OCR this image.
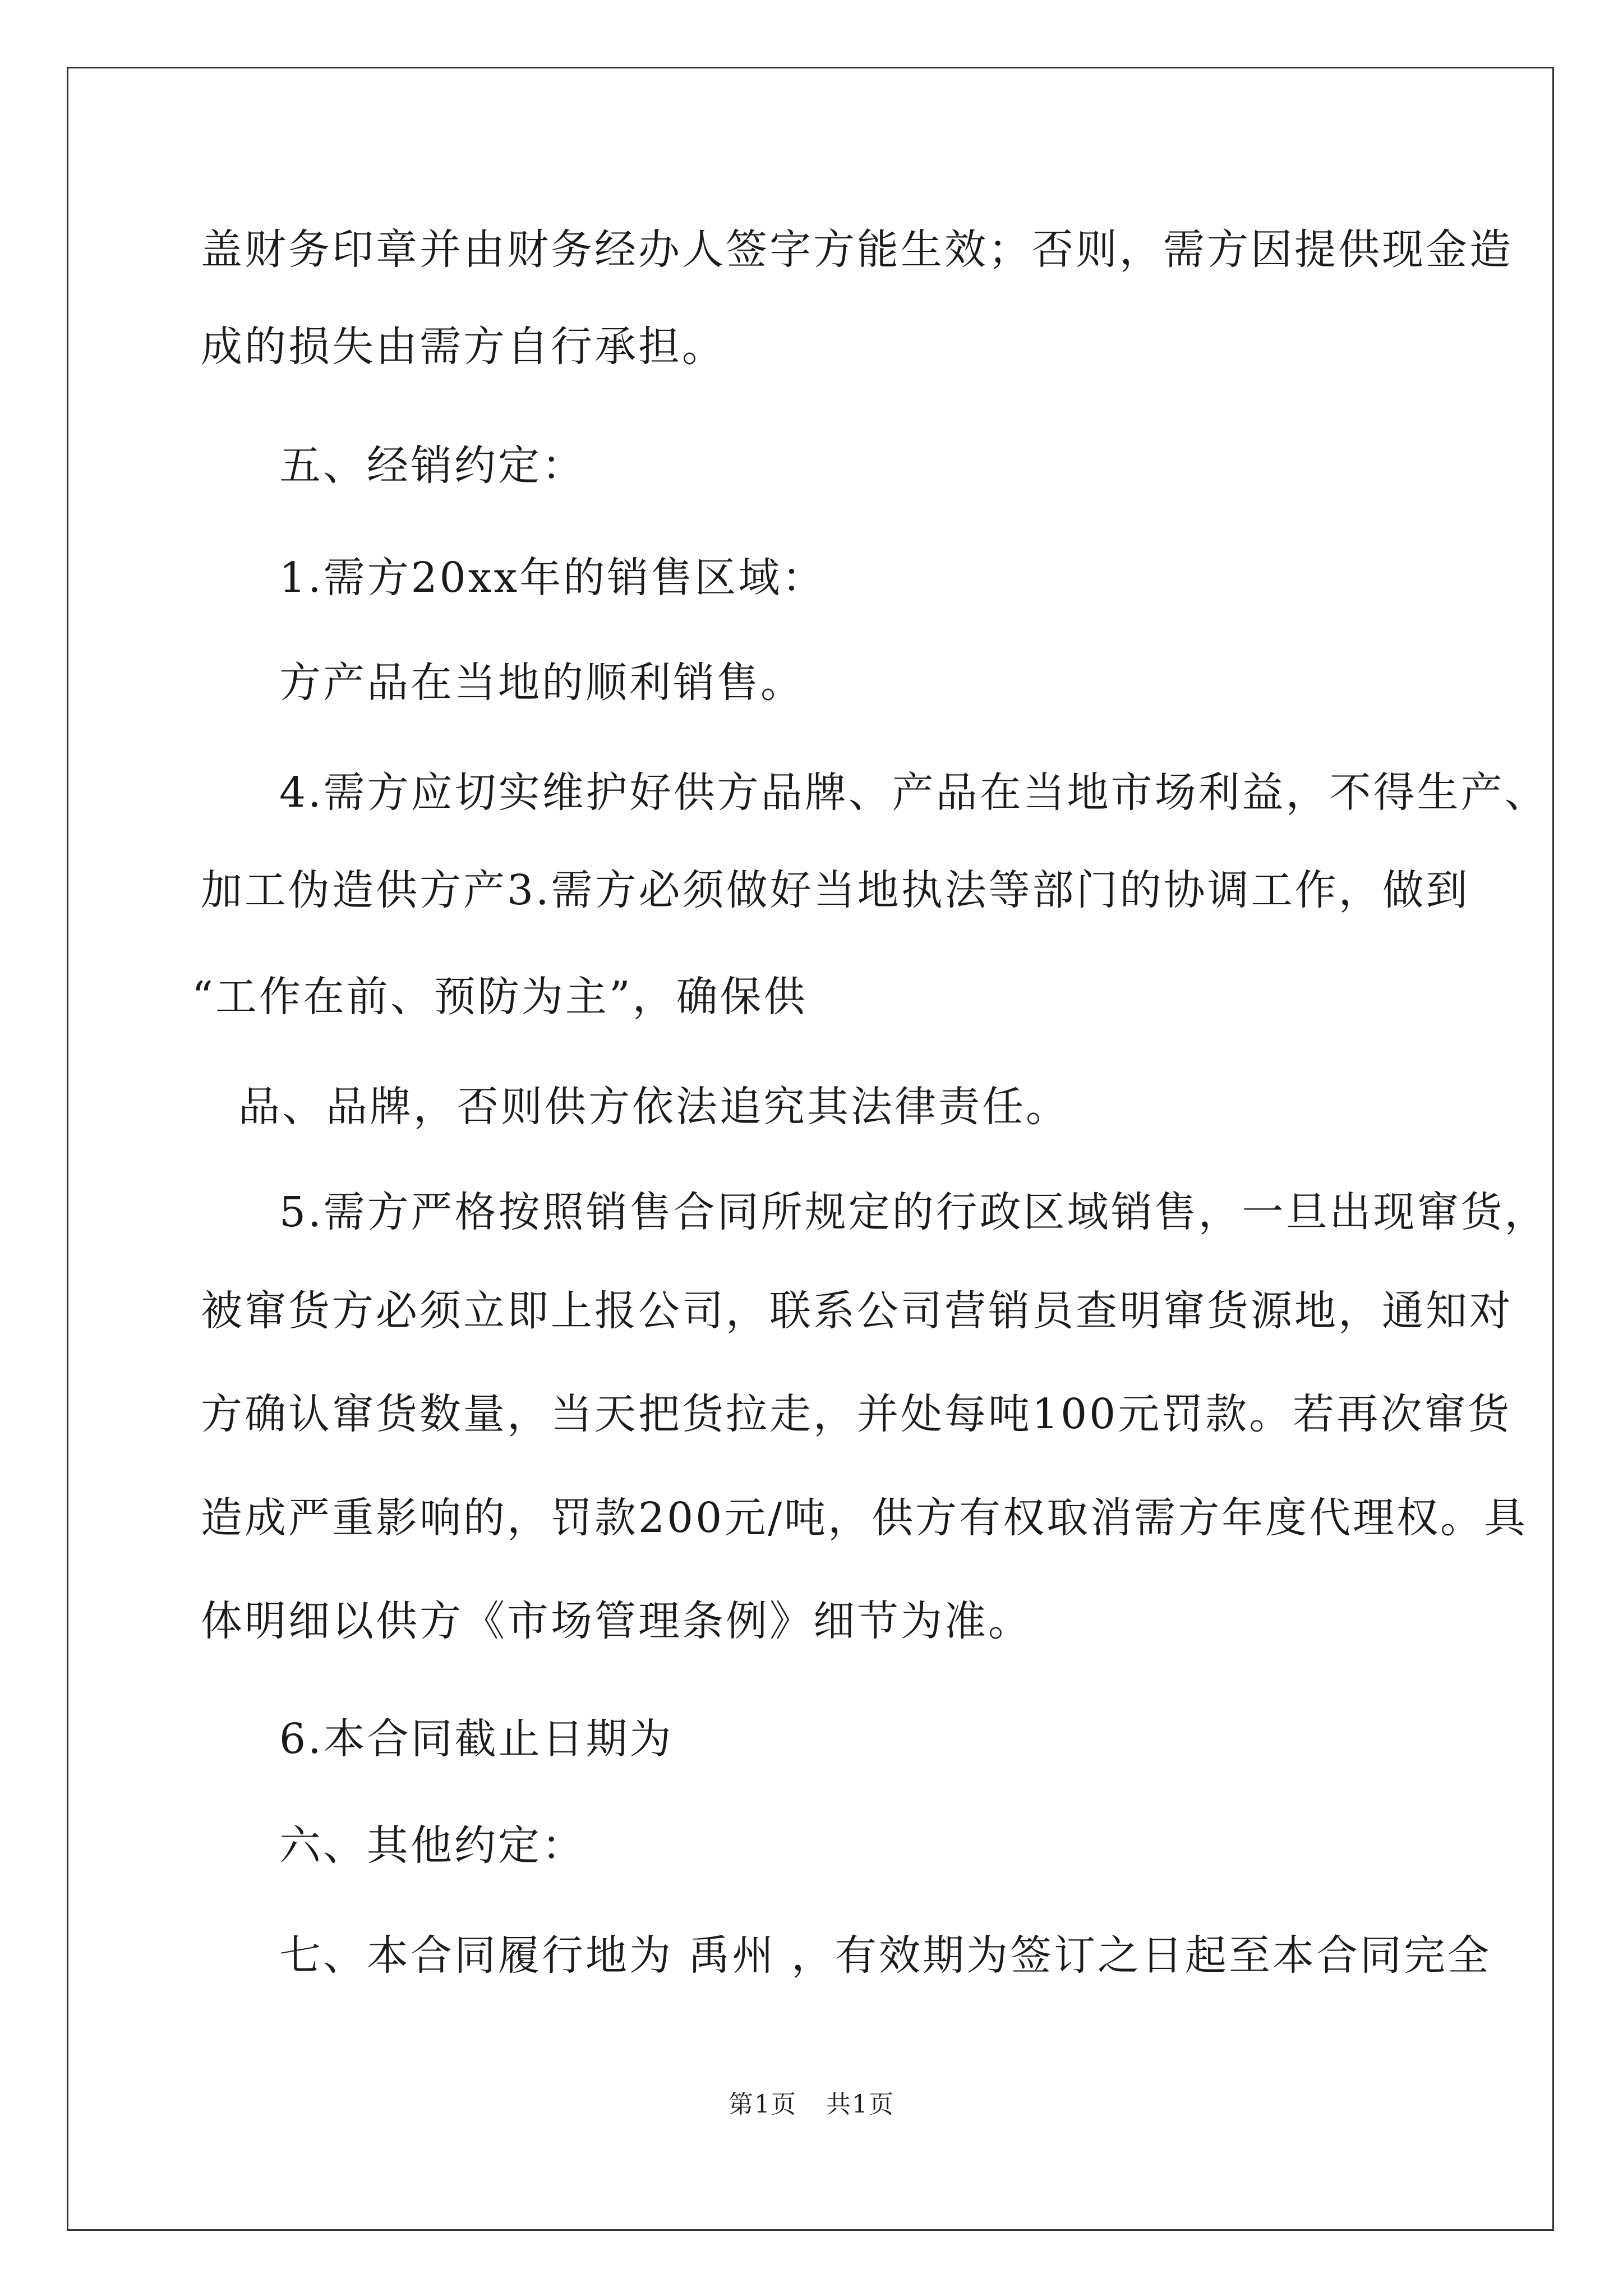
盖财务印章并由财务经办人签字方能生效；否则，需方因提供现金造
成的损失由需方自行承担。
五、经销约定：
1.需方20xx年的销售区域：
方产品在当地的顺利销售。
4.需方应切实维护好供方品牌、产品在当地市场利益，不得生产、
加工伪造供方产3.需方必须做好当地执法等部门的协调工作，做到
“工作在前、预防为主”，确保供
品、品牌，否则供方依法追究其法律责任。
5.需方严格按照销售合同所规定的行政区域销售，一旦出现窜货，
被窜货方必须立即上报公司，联系公司营销员查明窜货源地，通知对
方确认窜货数量，当天把货拉走，并处每吨100元罚款。若再次窜货
造成严重影响的，罚款200元/吨，供方有权取消需方年度代理权。具
体明细以供方《市场管理条例》细节为准。
6.本合同截止日期为
六、其他约定：
七、本合同履行地为 禹州 ，有效期为签订之日起至本合同完全
第1页 共1页
